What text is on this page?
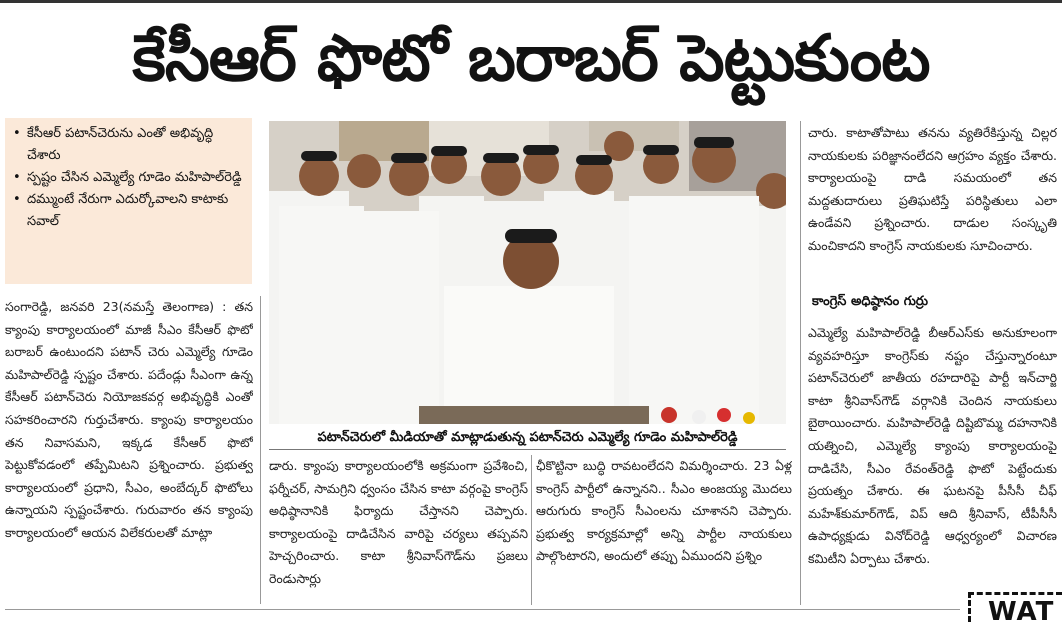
కేసీఆర్ ఫొటో బరాబర్ పెట్టుకుంట
• కేసీఆర్ పటాన్‌చెరును ఎంతో అభివృద్ధి చేశారు
• స్పష్టం చేసిన ఎమ్మెల్యే గూడెం మహిపాల్‌రెడ్డి
• దమ్ముంటే నేరుగా ఎదుర్కోవాలని కాటాకు సవాల్

సంగారెడ్డి, జనవరి 23(నమస్తే తెలంగాణ) : తన క్యాంపు కార్యాలయంలో మాజీ సీఎం కేసీఆర్ ఫొటో బరాబర్ ఉంటుందని పటాన్ చెరు ఎమ్మెల్యే గూడెం మహిపాల్‌రెడ్డి స్పష్టం చేశారు. పదేండ్లు సీఎంగా ఉన్న కేసీఆర్ పటాన్‌చెరు నియోజకవర్గ అభివృద్ధికి ఎంతో సహకరించారని గుర్తుచేశారు. క్యాంపు కార్యాలయం తన నివాసమని, ఇక్కడ కేసీఆర్ ఫొటో పెట్టుకోవడంలో తప్పేమిటని ప్రశ్నించారు. ప్రభుత్వ కార్యాలయంలో ప్రధాని, సీఎం, అంబేద్కర్ ఫొటోలు ఉన్నాయని స్పష్టంచేశారు. గురువారం తన క్యాంపు కార్యాలయంలో ఆయన విలేకరులతో మాట్లా

పటాన్‌చెరులో మీడియాతో మాట్లాడుతున్న పటాన్‌చెరు ఎమ్మెల్యే గూడెం మహిపాల్‌రెడ్డి

డారు. క్యాంపు కార్యాలయంలోకి అక్రమంగా ప్రవేశించి, ఫర్నీచర్, సామగ్రిని ధ్వంసం చేసిన కాటా వర్గంపై కాంగ్రెస్ అధిష్ఠానానికి ఫిర్యాదు చేస్తానని చెప్పారు. కార్యాలయంపై దాడిచేసిన వారిపై చర్యలు తప్పవని హెచ్చరించారు. కాటా శ్రీనివాస్‌గౌడ్‌ను ప్రజలు రెండుసార్లు

ఛీకొట్టినా బుద్ధి రావటంలేదని విమర్శించారు. 23 ఏళ్ల కాంగ్రెస్ పార్టీలో ఉన్నానని.. సీఎం అంజయ్య మొదలు ఆరుగురు కాంగ్రెస్ సీఎంలను చూశానని చెప్పారు. ప్రభుత్వ కార్యక్రమాల్లో అన్ని పార్టీల నాయకులు పాల్గొంటారని, అందులో తప్పు ఏముందని ప్రశ్నిం

చారు. కాటాతోపాటు తనను వ్యతిరేకిస్తున్న చిల్లర నాయకులకు పరిజ్ఞానంలేదని ఆగ్రహం వ్యక్తం చేశారు. కార్యాలయంపై దాడి సమయంలో తన మద్దతుదారులు ప్రతిఘటిస్తే పరిస్థితులు ఎలా ఉండేవని ప్రశ్నించారు. దాడుల సంస్కృతి మంచికాదని కాంగ్రెస్ నాయకులకు సూచించారు.

కాంగ్రెస్ అధిష్ఠానం గుర్రు

ఎమ్మెల్యే మహిపాల్‌రెడ్డి బీఆర్‌ఎస్‌కు అనుకూలంగా వ్యవహరిస్తూ కాంగ్రెస్‌కు నష్టం చేస్తున్నారంటూ పటాన్‌చెరులో జాతీయ రహదారిపై పార్టీ ఇన్‌చార్జి కాటా శ్రీనివాస్‌గౌడ్ వర్గానికి చెందిన నాయకులు బైఠాయించారు. మహిపాల్‌రెడ్డి దిష్టిబొమ్మ దహనానికి యత్నించి, ఎమ్మెల్యే క్యాంపు కార్యాలయంపై దాడిచేసి, సీఎం రేవంత్‌రెడ్డి ఫొటో పెట్టేందుకు ప్రయత్నం చేశారు. ఈ ఘటనపై పీసీసీ చీఫ్ మహేశ్‌కుమార్‌గౌడ్, విప్ ఆది శ్రీనివాస్, టీపీసీసీ ఉపాధ్యక్షుడు వినోద్‌రెడ్డి ఆధ్వర్యంలో విచారణ కమిటీని ఏర్పాటు చేశారు.

WAT
